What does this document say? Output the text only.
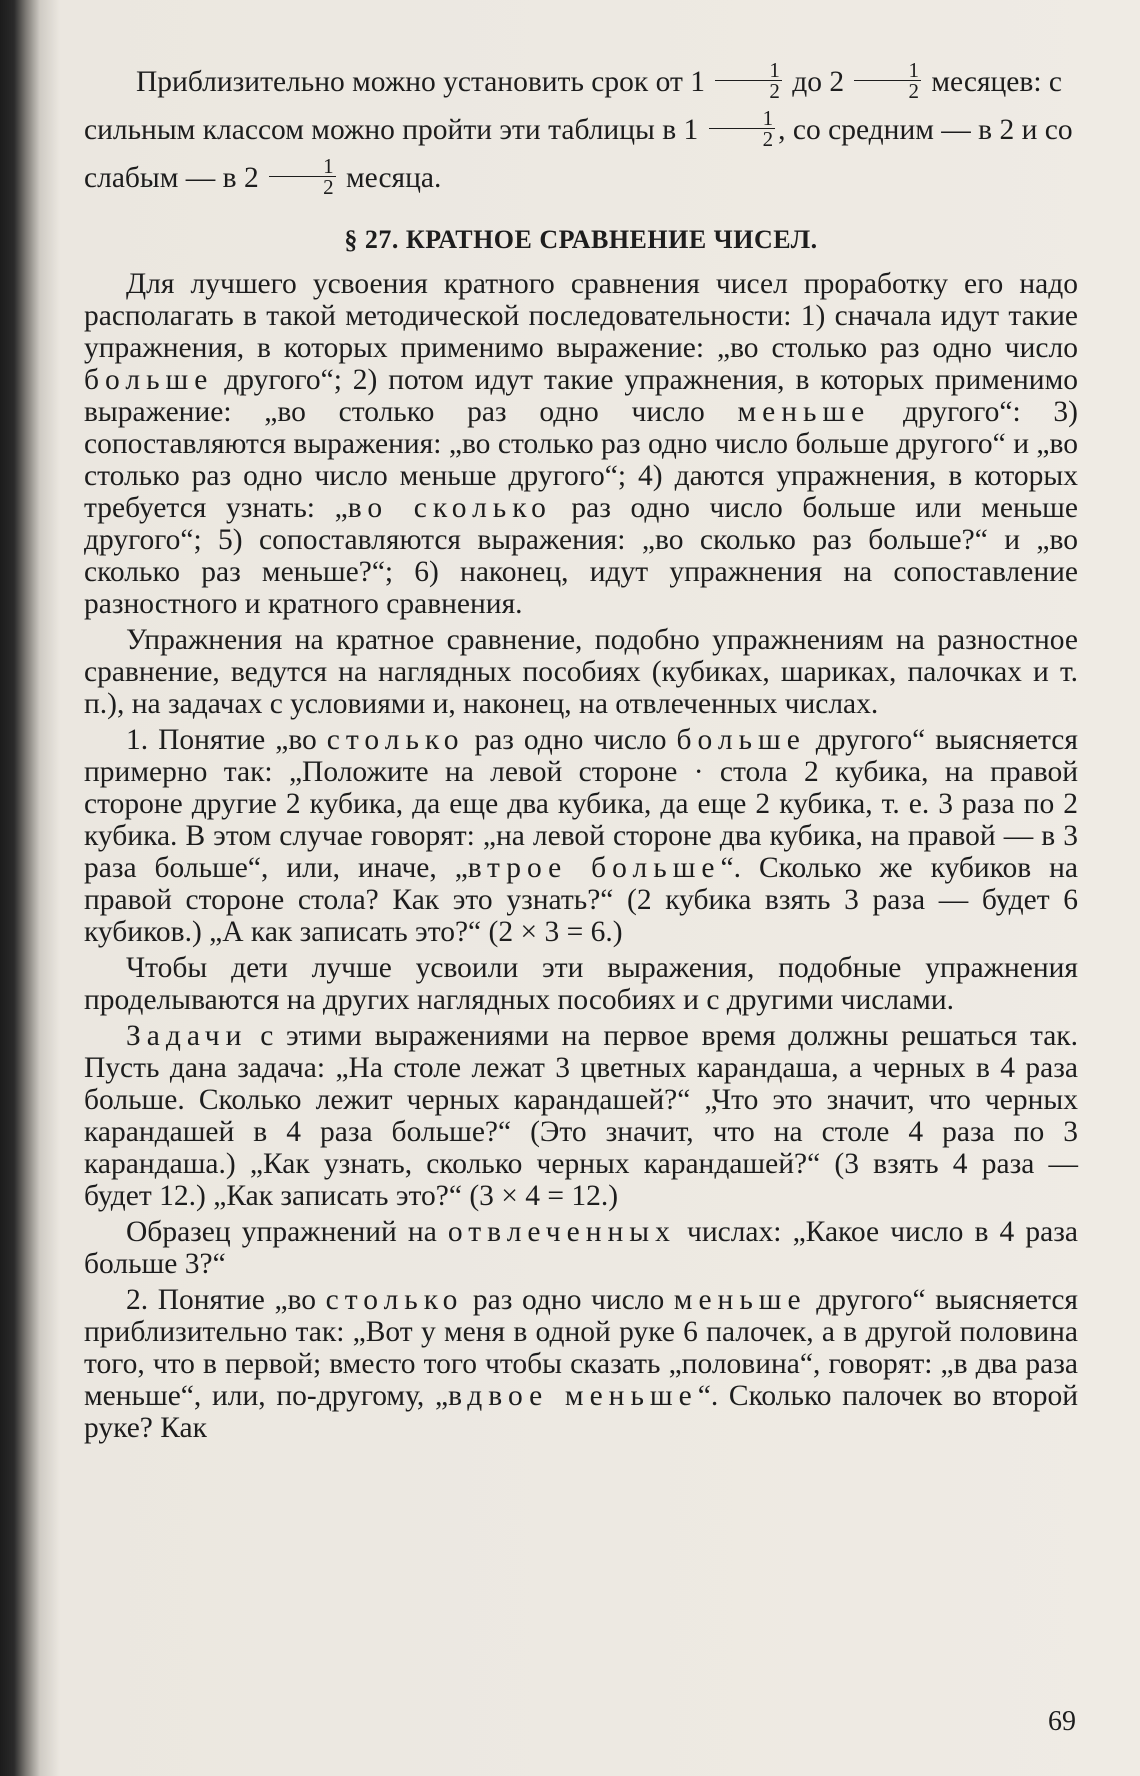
Приблизительно можно установить срок от $1 \frac{1}{2}$ до $2 \frac{1}{2}$ месяцев: с сильным классом можно пройти эти таблицы в $1 \frac{1}{2}$ , со средним — в 2 и со слабым — в $2 \frac{1}{2}$ месяца.

§ 27. КРАТНОЕ СРАВНЕНИЕ ЧИСЕЛ.

Для лучшего усвоения кратного сравнения чисел проработку его надо располагать в такой методической последовательности: 1) сначала идут такие упражнения, в которых применимо выражение: „во столько раз одно число больше другого“; 2) потом идут такие упражнения, в которых применимо выражение: „во столько раз одно число меньше другого“: 3) сопоставляются выражения: „во столько раз одно число больше другого“ и „во столько раз одно число меньше другого“; 4) даются упражнения, в которых требуется узнать: „во сколько раз одно число больше или меньше другого“; 5) сопоставляются выражения: „во сколько раз больше?“ и „во сколько раз меньше?“; 6) наконец, идут упражнения на сопоставление разностного и кратного сравнения.

Упражнения на кратное сравнение, подобно упражнениям на разностное сравнение, ведутся на наглядных пособиях (кубиках, шариках, палочках и т. п.), на задачах с условиями и, наконец, на отвлеченных числах.

1. Понятие „во столько раз одно число больше другого“ выясняется примерно так: „Положите на левой стороне · стола 2 кубика, на правой стороне другие 2 кубика, да еще два кубика, да еще 2 кубика, т. е. 3 раза по 2 кубика. В этом случае говорят: „на левой стороне два кубика, на правой — в 3 раза больше“, или, иначе, „втрое больше“. Сколько же кубиков на правой стороне стола? Как это узнать?“ (2 кубика взять 3 раза — будет 6 кубиков.) „А как записать это?“ (2 × 3 = 6.)

Чтобы дети лучше усвоили эти выражения, подобные упражнения проделываются на других наглядных пособиях и с другими числами.

Задачи с этими выражениями на первое время должны решаться так. Пусть дана задача: „На столе лежат 3 цветных карандаша, а черных в 4 раза больше. Сколько лежит черных карандашей?“ „Что это значит, что черных карандашей в 4 раза больше?“ (Это значит, что на столе 4 раза по 3 карандаша.) „Как узнать, сколько черных карандашей?“ (3 взять 4 раза — будет 12.) „Как записать это?“ (3 × 4 = 12.)

Образец упражнений на отвлеченных числах: „Какое число в 4 раза больше 3?“

2. Понятие „во столько раз одно число меньше другого“ выясняется приблизительно так: „Вот у меня в одной руке 6 палочек, а в другой половина того, что в первой; вместо того чтобы сказать „половина“, говорят: „в два раза меньше“, или, по-другому, „вдвое меньше“. Сколько палочек во второй руке? Как

69
